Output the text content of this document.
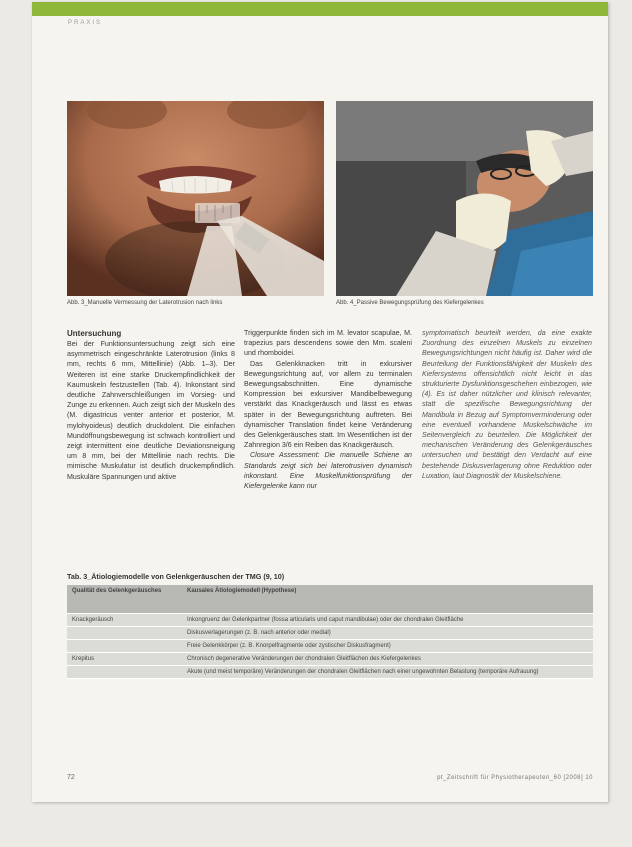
PRAXIS
Abb. 3_Manuelle Vermessung der Laterotrusion nach links	Abb. 4_Passive Bewegungsprüfung des Kiefergelenkes
Untersuchung

Bei der Funktionsuntersuchung zeigt sich eine asymmetrisch eingeschränkte Laterotrusion (links 8 mm, rechts 6 mm, Mittellinie) (Abb. 1–3). Der Weiteren ist eine starke Druckempfindlichkeit der Kaumuskeln festzustellen (Tab. 4). Inkonstant sind deutliche Zahnverschleißungen im Vorsieg- und Zunge zu erkennen. Auch zeigt sich der Muskeln des (M. digastricus venter anterior et posterior, M. mylohyoideus) deutlich druckdolent. Die einfachen Mundöffnungsbewegung ist schwach kontrolliert und zeigt intermittent eine deutliche Deviationsneigung um 8 mm, bei der Mittellinie nach rechts. Die mimische Muskulatur ist deutlich druckempfindlich. Muskuläre Spannungen und aktive

Triggerpunkte finden sich im M. levator scapulae, M. trapezius pars descendens sowie den Mm. scaleni und rhomboidei.

Das Gelenkknacken tritt in exkursiver Bewegungsrichtung auf, vor allem zu terminalen Bewegungsabschnitten. Eine dynamische Kompression bei exkursiver Mandibelbewegung verstärkt das Knackgeräusch und lässt es etwas später in der Bewegungsrichtung auftreten. Bei dynamischer Translation findet keine Veränderung des Gelenkgeräusches statt. Im Wesentlichen ist der Zahnregion 3/6 ein Reiben das Knackgeräusch.

Closure Assessment: Die manuelle Schiene an Standards zeigt sich bei laterotrusiven dynamisch inkonstant. Eine Muskelfunktionsprüfung der Kiefergelenke kann nur

symptomatisch beurteilt werden, da eine exakte Zuordnung des einzelnen Muskels zu einzelnen Bewegungsrichtungen nicht häufig ist. Daher wird die Beurteilung der Funktionsfähigkeit der Muskeln des Kiefersystems offensichtlich nicht leicht in das strukturierte Dysfunktionsgeschehen einbezogen, wie (4). Es ist daher nützlicher und klinisch relevanter, statt die spezifische Bewegungsrichtung der Mandibula in Bezug auf Symptomverminderung oder eine eventuell vorhandene Muskelschwäche im Seitenvergleich zu beurteilen. Die Möglichkeit der mechanischen Veränderung des Gelenkgeräusches untersuchen und bestätigt den Verdacht auf eine bestehende Diskusverlagerung ohne Reduktion oder Luxation, laut Diagnostik der Muskelschiene.

Tab. 3_Ätiologiemodelle von Gelenkgeräuschen der TMG (9, 10)
Qualität des Gelenkgeräusches	Kausales Ätiologiemodell (Hypothese)
Knackgeräusch	Inkongruenz der Gelenkpartner (fossa articularis und caput mandibulae) oder der chondralen Gleitfläche
	Diskusverlagerungen (z. B. nach anterior oder medial)
	Freie Gelenkkörper (z. B. Knorpelfragmente oder zystischer Diskusfragment)
Krepitus	Chronisch degenerative Veränderungen der chondralen Gleitflächen des Kiefergelenkes
	Akute (und meist temporäre) Veränderungen der chondralen Gleitflächen nach einer ungewohnten Belastung (temporäre Aufrauung)
72	pt_Zeitschrift für Physiotherapeuten_60 [2008] 10
